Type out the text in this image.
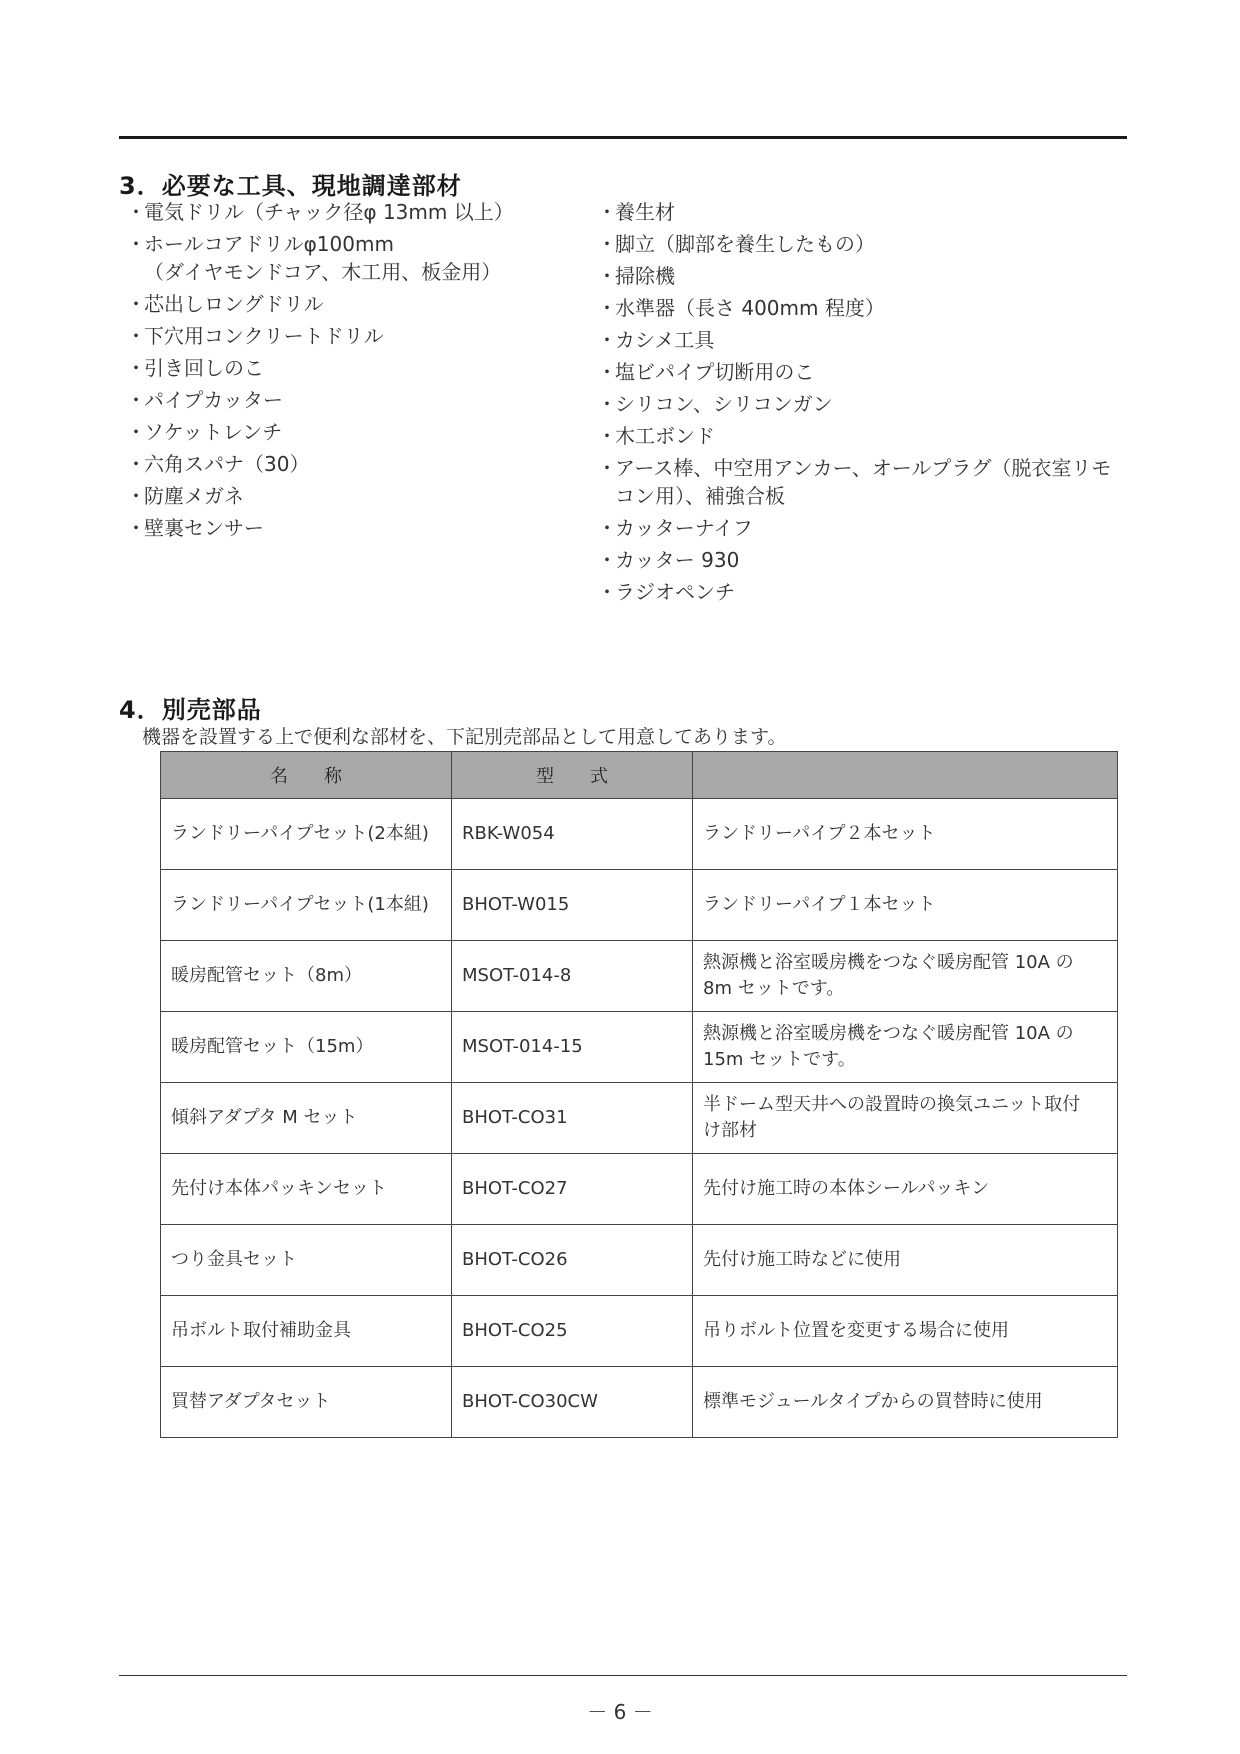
3．必要な工具、現地調達部材
・
電気ドリル（チャック径φ 13mm 以上）
・
ホールコアドリルφ100mm
（ダイヤモンドコア、木工用、板金用）
・
芯出しロングドリル
・
下穴用コンクリートドリル
・
引き回しのこ
・
パイプカッター
・
ソケットレンチ
・
六角スパナ（30）
・
防塵メガネ
・
壁裏センサー
・
養生材
・
脚立（脚部を養生したもの）
・
掃除機
・
水準器（長さ 400mm 程度）
・
カシメ工具
・
塩ビパイプ切断用のこ
・
シリコン、シリコンガン
・
木工ボンド
・
アース棒、中空用アンカー、オールプラグ（脱衣室リモ
コン用）、補強合板
・
カッターナイフ
・
カッター 930
・
ラジオペンチ
4．別売部品
機器を設置する上で便利な部材を、下記別売部品として用意してあります。
名　　称	型　　式	
ランドリーパイプセット(2本組)	RBK-W054	ランドリーパイプ２本セット
ランドリーパイプセット(1本組)	BHOT-W015	ランドリーパイプ１本セット
暖房配管セット（8m）	MSOT-014-8	熱源機と浴室暖房機をつなぐ暖房配管 10A の
8m セットです。
暖房配管セット（15m）	MSOT-014-15	熱源機と浴室暖房機をつなぐ暖房配管 10A の
15m セットです。
傾斜アダプタ M セット	BHOT-CO31	半ドーム型天井への設置時の換気ユニット取付
け部材
先付け本体パッキンセット	BHOT-CO27	先付け施工時の本体シールパッキン
つり金具セット	BHOT-CO26	先付け施工時などに使用
吊ボルト取付補助金具	BHOT-CO25	吊りボルト位置を変更する場合に使用
買替アダプタセット	BHOT-CO30CW	標準モジュールタイプからの買替時に使用
－ 6 －
